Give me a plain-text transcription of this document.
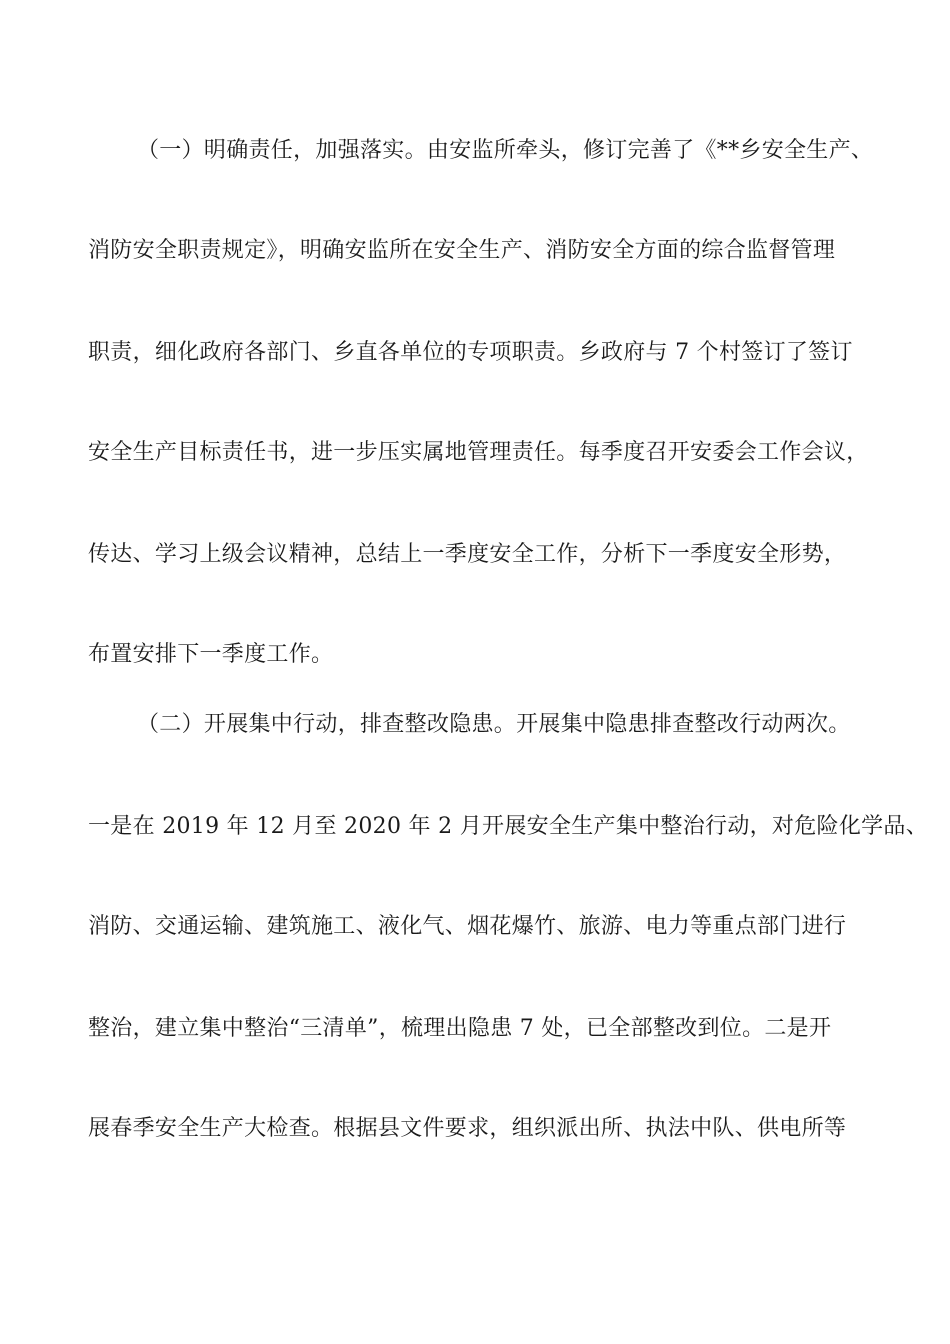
（一）明确责任，加强落实。由安监所牵头，修订完善了《**乡安全生产、
消防安全职责规定》，明确安监所在安全生产、消防安全方面的综合监督管理
职责，细化政府各部门、乡直各单位的专项职责。乡政府与 7 个村签订了签订
安全生产目标责任书，进一步压实属地管理责任。每季度召开安委会工作会议，
传达、学习上级会议精神，总结上一季度安全工作，分析下一季度安全形势，
布置安排下一季度工作。
（二）开展集中行动，排查整改隐患。开展集中隐患排查整改行动两次。
一是在 2019 年 12 月至 2020 年 2 月开展安全生产集中整治行动，对危险化学品、
消防、交通运输、建筑施工、液化气、烟花爆竹、旅游、电力等重点部门进行
整治，建立集中整治“三清单”，梳理出隐患 7 处，已全部整改到位。二是开
展春季安全生产大检查。根据县文件要求，组织派出所、执法中队、供电所等
